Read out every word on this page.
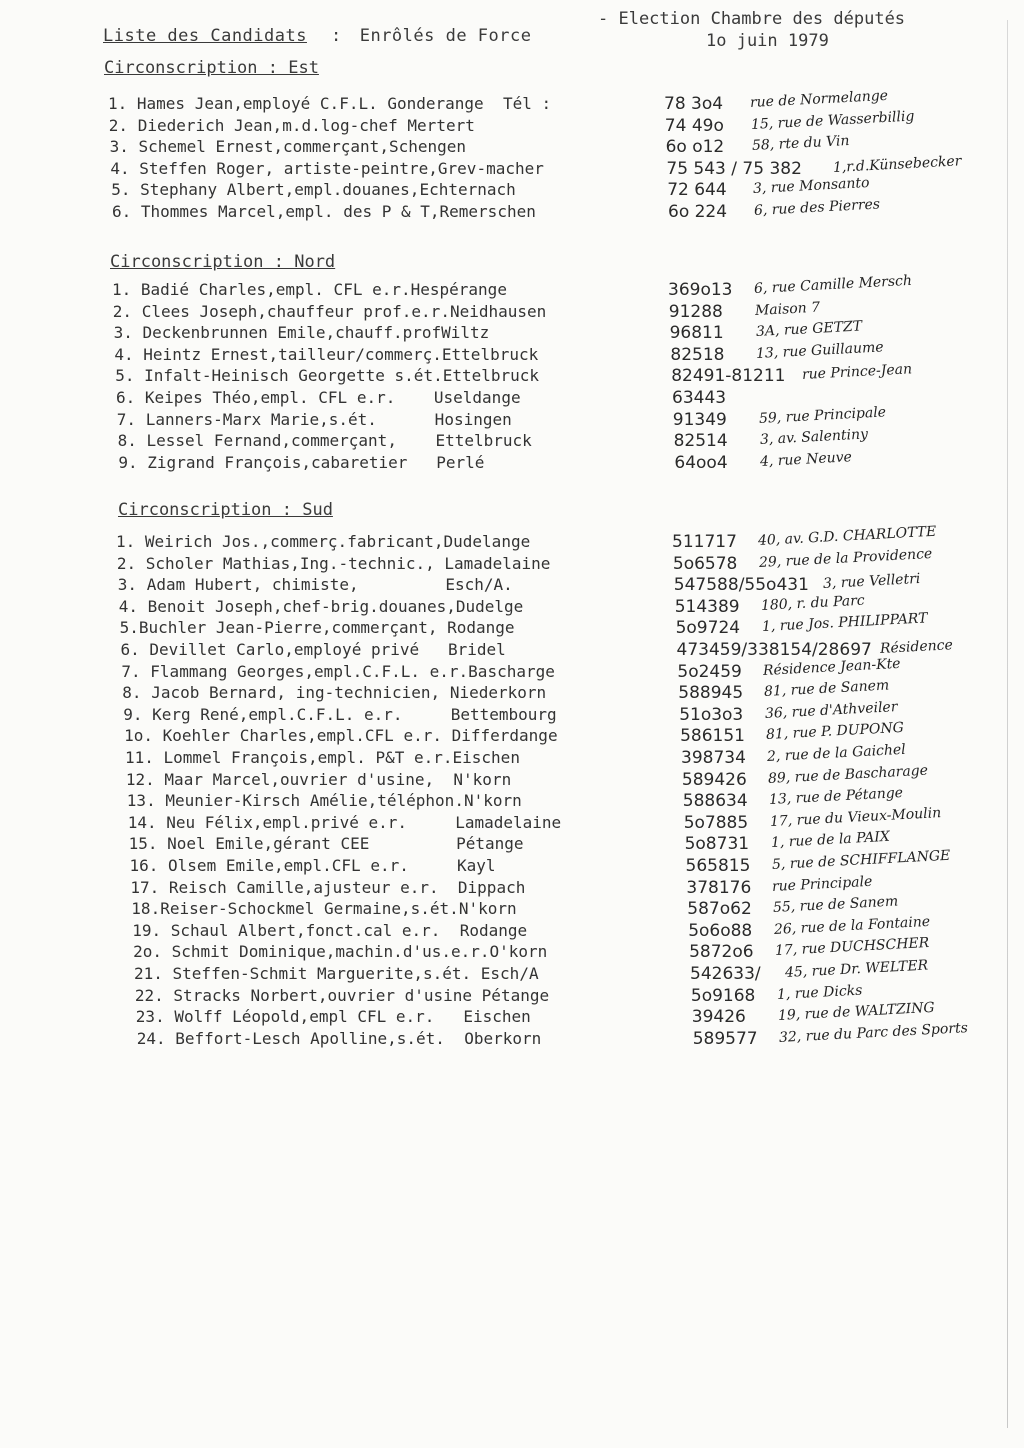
Liste des Candidats : Enrôlés de Force
- Election Chambre des députés
1o juin 1979
Circonscription : Est
1. Hames Jean,employé C.F.L. Gonderange  Tél :	78 3o4 rue de Normelange
2. Diederich Jean,m.d.log-chef Mertert	74 49o 15, rue de Wasserbillig
3. Schemel Ernest,commerçant,Schengen	6o o12 58, rte du Vin
4. Steffen Roger, artiste-peintre,Grev-macher	75 543 / 75 382 1,r.d.Künsebecker
5. Stephany Albert,empl.douanes,Echternach	72 644 3, rue Monsanto
6. Thommes Marcel,empl. des P & T,Remerschen	6o 224 6, rue des Pierres
Circonscription : Nord
1. Badié Charles,empl. CFL e.r.Hespérange	369o13 6, rue Camille Mersch
2. Clees Joseph,chauffeur prof.e.r.Neidhausen	91288 Maison 7
3. Deckenbrunnen Emile,chauff.profWiltz	96811 3A, rue GETZT
4. Heintz Ernest,tailleur/commerç.Ettelbruck	82518 13, rue Guillaume
5. Infalt-Heinisch Georgette s.ét.Ettelbruck	82491-81211 rue Prince-Jean
6. Keipes Théo,empl. CFL e.r.    Useldange	63443
7. Lanners-Marx Marie,s.ét.      Hosingen	91349 59, rue Principale
8. Lessel Fernand,commerçant,    Ettelbruck	82514 3, av. Salentiny
9. Zigrand François,cabaretier   Perlé	64oo4 4, rue Neuve
Circonscription : Sud
1. Weirich Jos.,commerç.fabricant,Dudelange	511717 40, av. G.D. CHARLOTTE
2. Scholer Mathias,Ing.-technic., Lamadelaine	5o6578 29, rue de la Providence
3. Adam Hubert, chimiste,         Esch/A.	547588/55o431 3, rue Velletri
4. Benoit Joseph,chef-brig.douanes,Dudelge	514389 180, r. du Parc
5.Buchler Jean-Pierre,commerçant, Rodange	5o9724 1, rue Jos. PHILIPPART
6. Devillet Carlo,employé privé   Bridel	473459/338154/28697 Résidence
7. Flammang Georges,empl.C.F.L. e.r.Bascharge	5o2459 Résidence Jean-Kte
8. Jacob Bernard, ing-technicien, Niederkorn	588945 81, rue de Sanem
9. Kerg René,empl.C.F.L. e.r.     Bettembourg	51o3o3 36, rue d'Athveiler
1o. Koehler Charles,empl.CFL e.r. Differdange	586151 81, rue P. DUPONG
11. Lommel François,empl. P&T e.r.Eischen	398734 2, rue de la Gaichel
12. Maar Marcel,ouvrier d'usine,  N'korn	589426 89, rue de Bascharage
13. Meunier-Kirsch Amélie,téléphon.N'korn	588634 13, rue de Pétange
14. Neu Félix,empl.privé e.r.     Lamadelaine	5o7885 17, rue du Vieux-Moulin
15. Noel Emile,gérant CEE         Pétange	5o8731 1, rue de la PAIX
16. Olsem Emile,empl.CFL e.r.     Kayl	565815 5, rue de SCHIFFLANGE
17. Reisch Camille,ajusteur e.r.  Dippach	378176 rue Principale
18.Reiser-Schockmel Germaine,s.ét.N'korn	587o62 55, rue de Sanem
19. Schaul Albert,fonct.cal e.r.  Rodange	5o6o88 26, rue de la Fontaine
2o. Schmit Dominique,machin.d'us.e.r.O'korn	5872o6 17, rue DUCHSCHER
21. Steffen-Schmit Marguerite,s.ét. Esch/A	542633/ 45, rue Dr. WELTER
22. Stracks Norbert,ouvrier d'usine Pétange	5o9168 1, rue Dicks
23. Wolff Léopold,empl CFL e.r.   Eischen	39426 19, rue de WALTZING
24. Beffort-Lesch Apolline,s.ét.  Oberkorn	589577 32, rue du Parc des Sports
